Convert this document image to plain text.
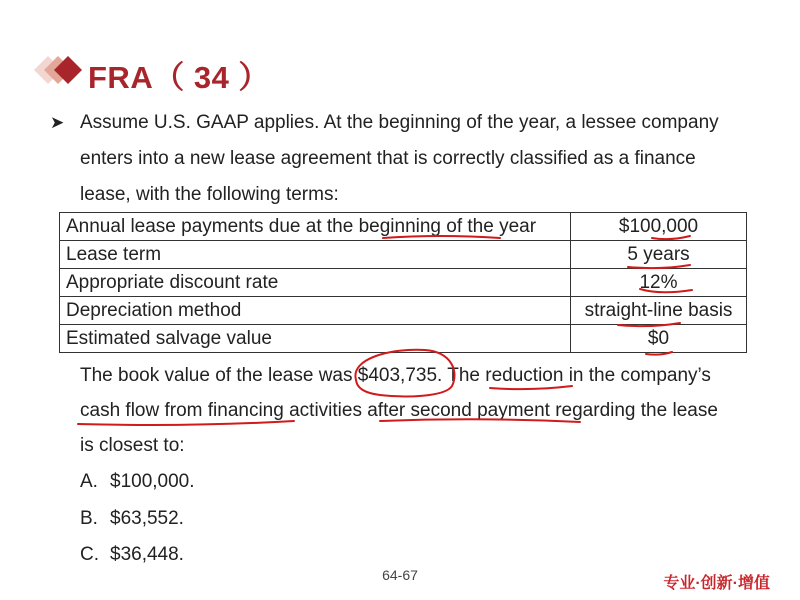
FRA（ 34 ）
➤ Assume U.S. GAAP applies. At the beginning of the year, a lessee company
enters into a new lease agreement that is correctly classified as a finance
lease, with the following terms:
Annual lease payments due at the beginning of the year	$100,000
Lease term	5 years
Appropriate discount rate	12%
Depreciation method	straight-line basis
Estimated salvage value	$0
The book value of the lease was $403,735. The reduction in the company’s
cash flow from financing activities after second payment regarding the lease
is closest to:
A. $100,000.
B. $63,552.
C. $36,448.
64-67	专业·创新·增值
